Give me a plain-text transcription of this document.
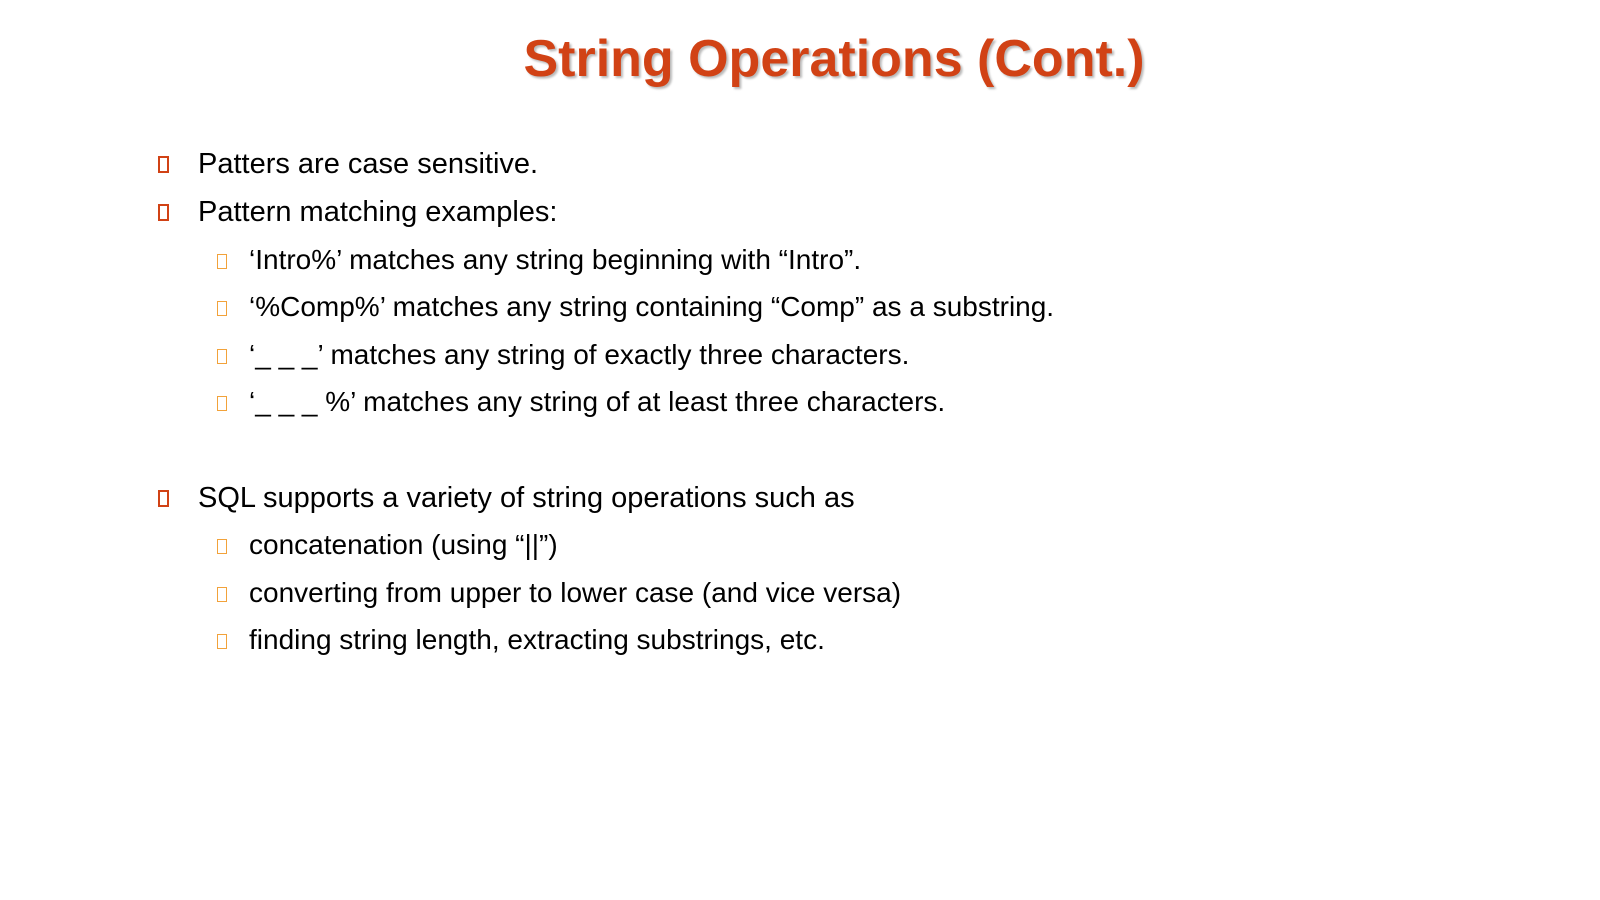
String Operations (Cont.)
Patters are case sensitive.
Pattern matching examples:
‘Intro%’ matches any string beginning with “Intro”.
‘%Comp%’ matches any string containing “Comp” as a substring.
‘_ _ _’ matches any string of exactly three characters.
‘_ _ _ %’ matches any string of at least three characters.
SQL supports a variety of string operations such as
concatenation (using “||”)
converting from upper to lower case (and vice versa)
finding string length, extracting substrings, etc.
